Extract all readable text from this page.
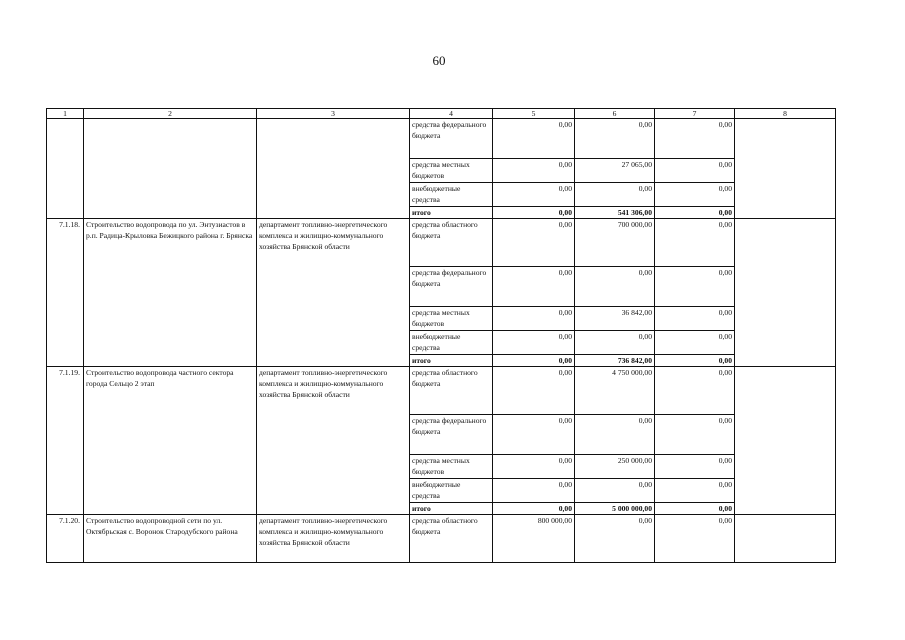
60
1	2	3	4	5	6	7	8
			средства федерального бюджета	0,00	0,00	0,00	
			средства местных бюджетов	0,00	27 065,00	0,00	
			внебюджетные средства	0,00	0,00	0,00	
			итого	0,00	541 306,00	0,00	
7.1.18.	Строительство водопровода по ул. Энтузиастов в р.п. Радица-Крыловка Бежицкого района г. Брянска	департамент топливно-энергетического комплекса и жилищно-коммунального хозяйства Брянской области	средства областного бюджета	0,00	700 000,00	0,00	
			средства федерального бюджета	0,00	0,00	0,00	
			средства местных бюджетов	0,00	36 842,00	0,00	
			внебюджетные средства	0,00	0,00	0,00	
			итого	0,00	736 842,00	0,00	
7.1.19.	Строительство водопровода частного сектора города Сельцо 2 этап	департамент топливно-энергетического комплекса и жилищно-коммунального хозяйства Брянской области	средства областного бюджета	0,00	4 750 000,00	0,00	
			средства федерального бюджета	0,00	0,00	0,00	
			средства местных бюджетов	0,00	250 000,00	0,00	
			внебюджетные средства	0,00	0,00	0,00	
			итого	0,00	5 000 000,00	0,00	
7.1.20.	Строительство водопроводной сети по ул. Октябрьская с. Воронок Стародубского района	департамент топливно-энергетического комплекса и жилищно-коммунального хозяйства Брянской области	средства областного бюджета	800 000,00	0,00	0,00	
